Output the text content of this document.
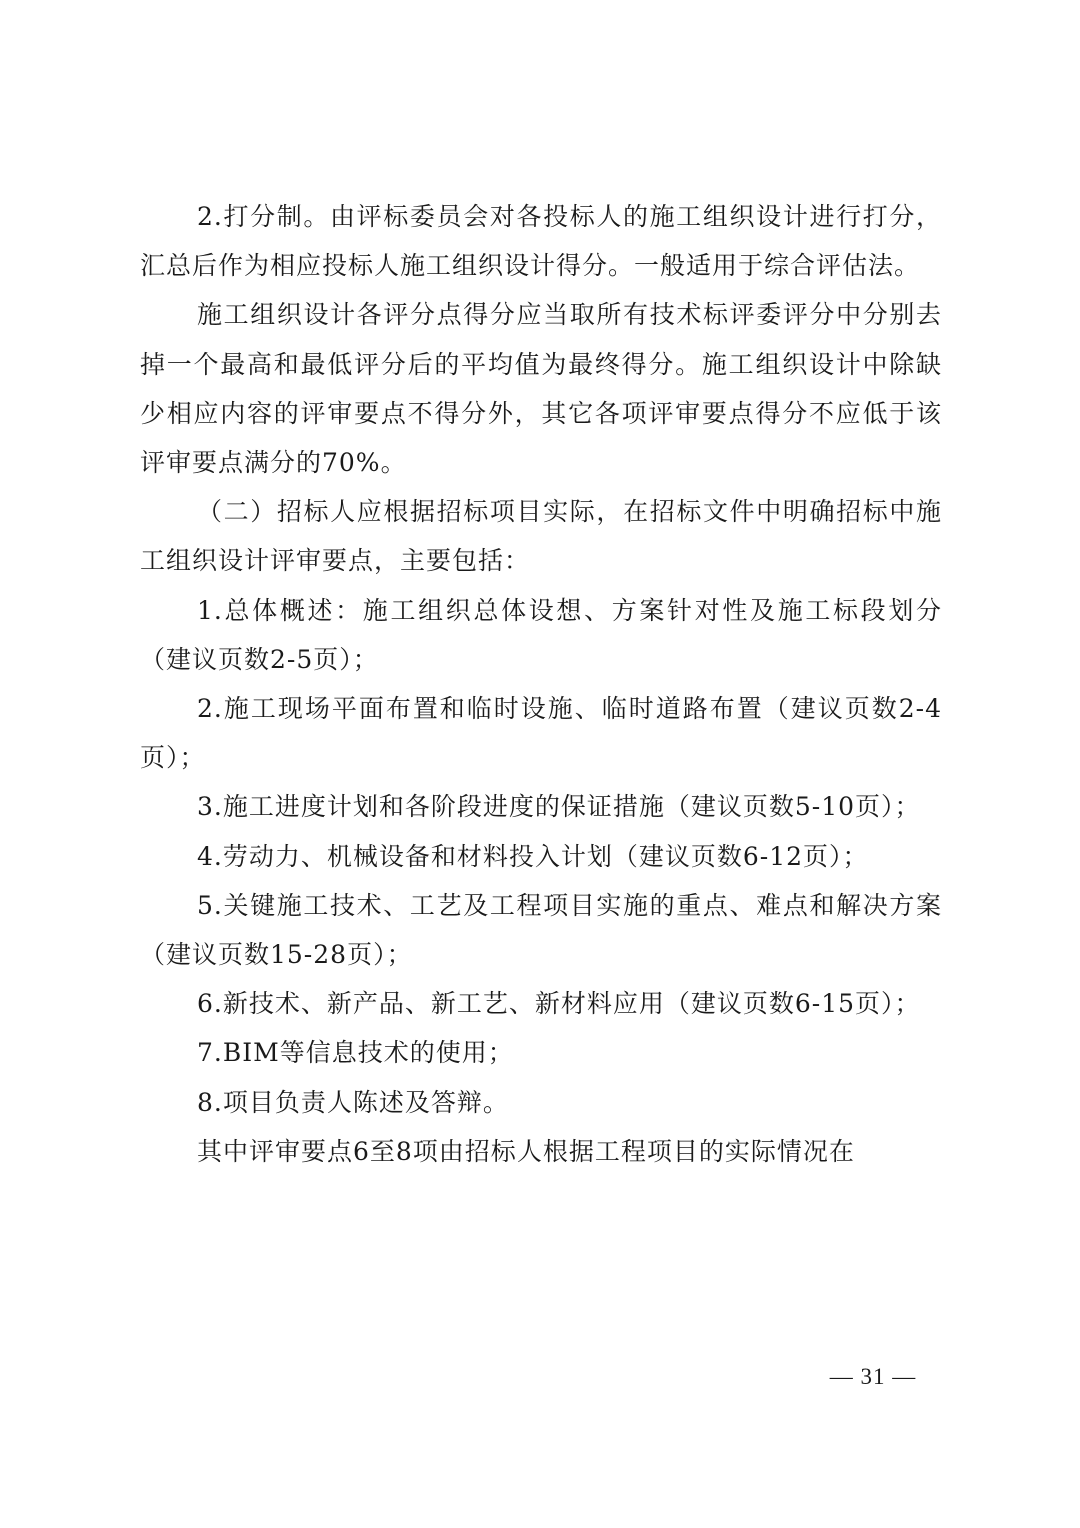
2.打分制。由评标委员会对各投标人的施工组织设计进行打分，汇总后作为相应投标人施工组织设计得分。一般适用于综合评估法。

施工组织设计各评分点得分应当取所有技术标评委评分中分别去掉一个最高和最低评分后的平均值为最终得分。施工组织设计中除缺少相应内容的评审要点不得分外，其它各项评审要点得分不应低于该评审要点满分的70%。

（二）招标人应根据招标项目实际，在招标文件中明确招标中施工组织设计评审要点，主要包括：

1.总体概述：施工组织总体设想、方案针对性及施工标段划分（建议页数2-5页）；

2.施工现场平面布置和临时设施、临时道路布置（建议页数2-4页）；

3.施工进度计划和各阶段进度的保证措施（建议页数5-10页）；

4.劳动力、机械设备和材料投入计划（建议页数6-12页）；

5.关键施工技术、工艺及工程项目实施的重点、难点和解决方案（建议页数15-28页）；

6.新技术、新产品、新工艺、新材料应用（建议页数6-15页）；

7.BIM等信息技术的使用；

8.项目负责人陈述及答辩。

其中评审要点6至8项由招标人根据工程项目的实际情况在

— 31 —
